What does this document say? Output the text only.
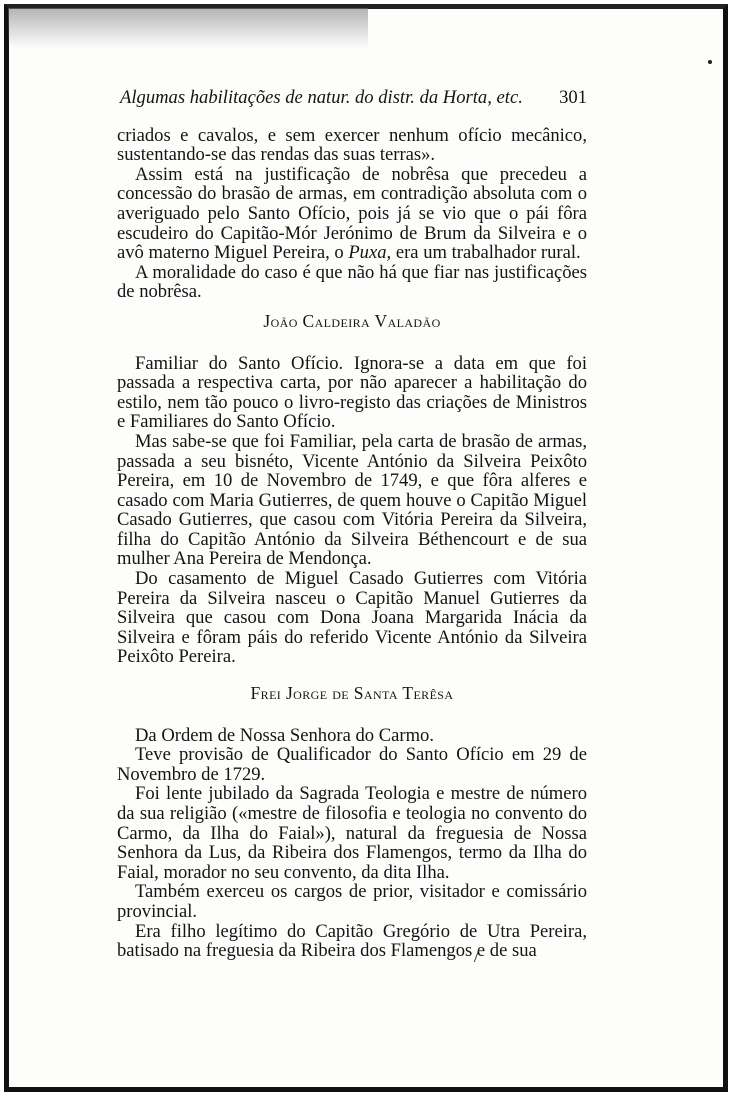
Algumas habilitações de natur. do distr. da Horta, etc. 301

criados e cavalos, e sem exercer nenhum ofício mecânico, sustentando-se das rendas das suas terras».

Assim está na justificação de nobrêsa que precedeu a concessão do brasão de armas, em contradição absoluta com o averiguado pelo Santo Ofício, pois já se vio que o pái fôra escudeiro do Capitão-Mór Jerónimo de Brum da Silveira e o avô materno Miguel Pereira, o Puxa, era um trabalhador rural.

A moralidade do caso é que não há que fiar nas justificações de nobrêsa.

João Caldeira Valadão

Familiar do Santo Ofício. Ignora-se a data em que foi passada a respectiva carta, por não aparecer a habilitação do estilo, nem tão pouco o livro-registo das criações de Ministros e Familiares do Santo Ofício.

Mas sabe-se que foi Familiar, pela carta de brasão de armas, passada a seu bisnéto, Vicente António da Silveira Peixôto Pereira, em 10 de Novembro de 1749, e que fôra alferes e casado com Maria Gutierres, de quem houve o Capitão Miguel Casado Gutierres, que casou com Vitória Pereira da Silveira, filha do Capitão António da Silveira Béthencourt e de sua mulher Ana Pereira de Mendonça.

Do casamento de Miguel Casado Gutierres com Vitória Pereira da Silveira nasceu o Capitão Manuel Gutierres da Silveira que casou com Dona Joana Margarida Inácia da Silveira e fôram páis do referido Vicente António da Silveira Peixôto Pereira.

Frei Jorge de Santa Terêsa

Da Ordem de Nossa Senhora do Carmo.

Teve provisão de Qualificador do Santo Ofício em 29 de Novembro de 1729.

Foi lente jubilado da Sagrada Teologia e mestre de número da sua religião («mestre de filosofia e teologia no convento do Carmo, da Ilha do Faial»), natural da freguesia de Nossa Senhora da Lus, da Ribeira dos Flamengos, termo da Ilha do Faial, morador no seu convento, da dita Ilha.

Também exerceu os cargos de prior, visitador e comissário provincial.

Era filho legítimo do Capitão Gregório de Utra Pereira, batisado na freguesia da Ribeira dos Flamengos e de sua
